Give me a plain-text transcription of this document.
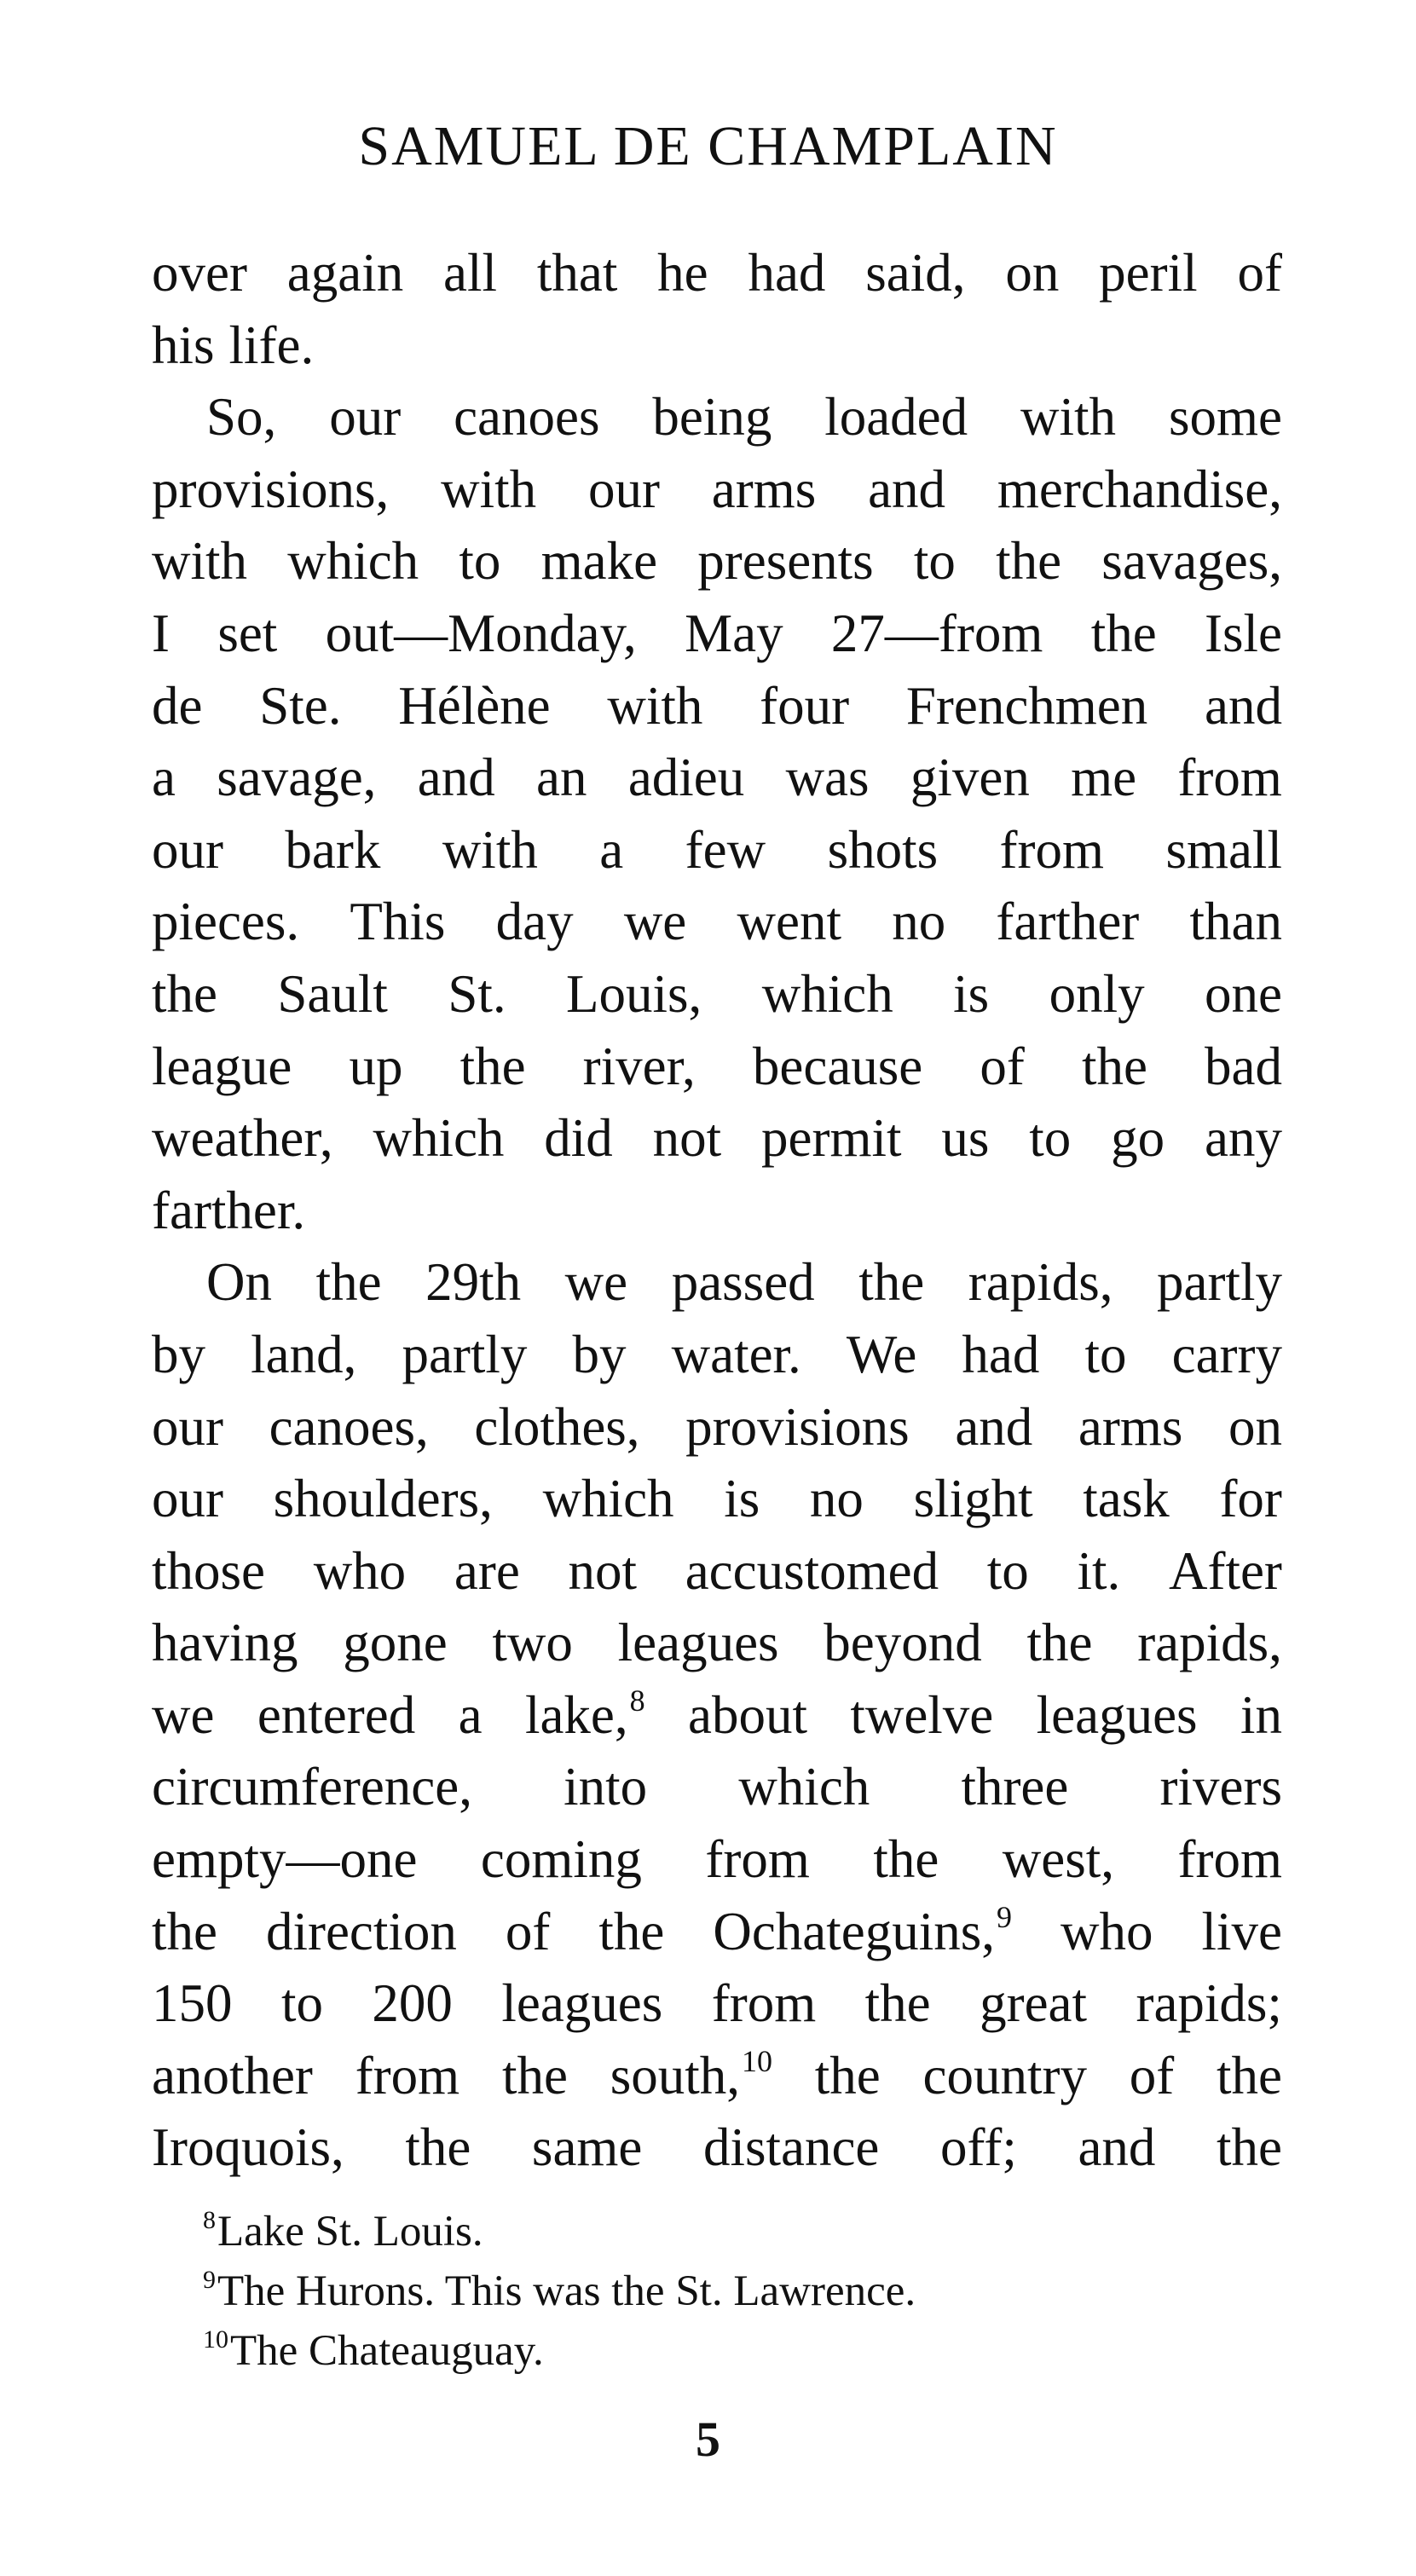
SAMUEL DE CHAMPLAIN
over again all that he had said, on peril of
his life.
So, our canoes being loaded with some
provisions, with our arms and merchandise,
with which to make presents to the savages,
I set out—Monday, May 27—from the Isle
de Ste. Hélène with four Frenchmen and
a savage, and an adieu was given me from
our bark with a few shots from small
pieces. This day we went no farther than
the Sault St. Louis, which is only one
league up the river, because of the bad
weather, which did not permit us to go any
farther.
On the 29th we passed the rapids, partly
by land, partly by water. We had to carry
our canoes, clothes, provisions and arms on
our shoulders, which is no slight task for
those who are not accustomed to it. After
having gone two leagues beyond the rapids,
we entered a lake,$^8$ about twelve leagues in
circumference, into which three rivers
empty—one coming from the west, from
the direction of the Ochateguins,$^9$ who live
150 to 200 leagues from the great rapids;
another from the south,$^{10}$ the country of the
Iroquois, the same distance off; and the
$^8$Lake St. Louis.
$^9$The Hurons. This was the St. Lawrence.
$^{10}$The Chateauguay.
5
